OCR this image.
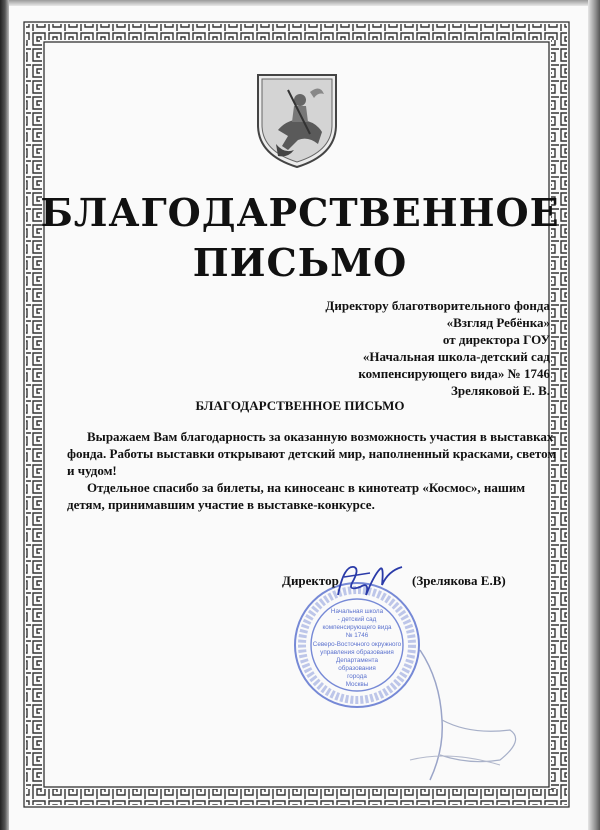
БЛАГОДАРСТВЕННОЕ
ПИСЬМО
Директору благотворительного фонда
«Взгляд Ребёнка»
от директора ГОУ
«Начальная школа-детский сад
компенсирующего вида» № 1746
Зреляковой Е. В.
БЛАГОДАРСТВЕННОЕ ПИСЬМО

Выражаем Вам благодарность за оказанную возможность участия в выставках фонда. Работы выставки открывают детский мир, наполненный красками, светом и чудом!

Отдельное спасибо за билеты, на киносеанс в кинотеатр «Космос», нашим детям, принимавшим участие в выставке-конкурсе.

Начальная школа
- детский сад
компенсирующего вида
№ 1746
Северо-Восточного окружного
управления образования
Департамента
образования
города
Москвы
Директор	(Зрелякова Е.В)
